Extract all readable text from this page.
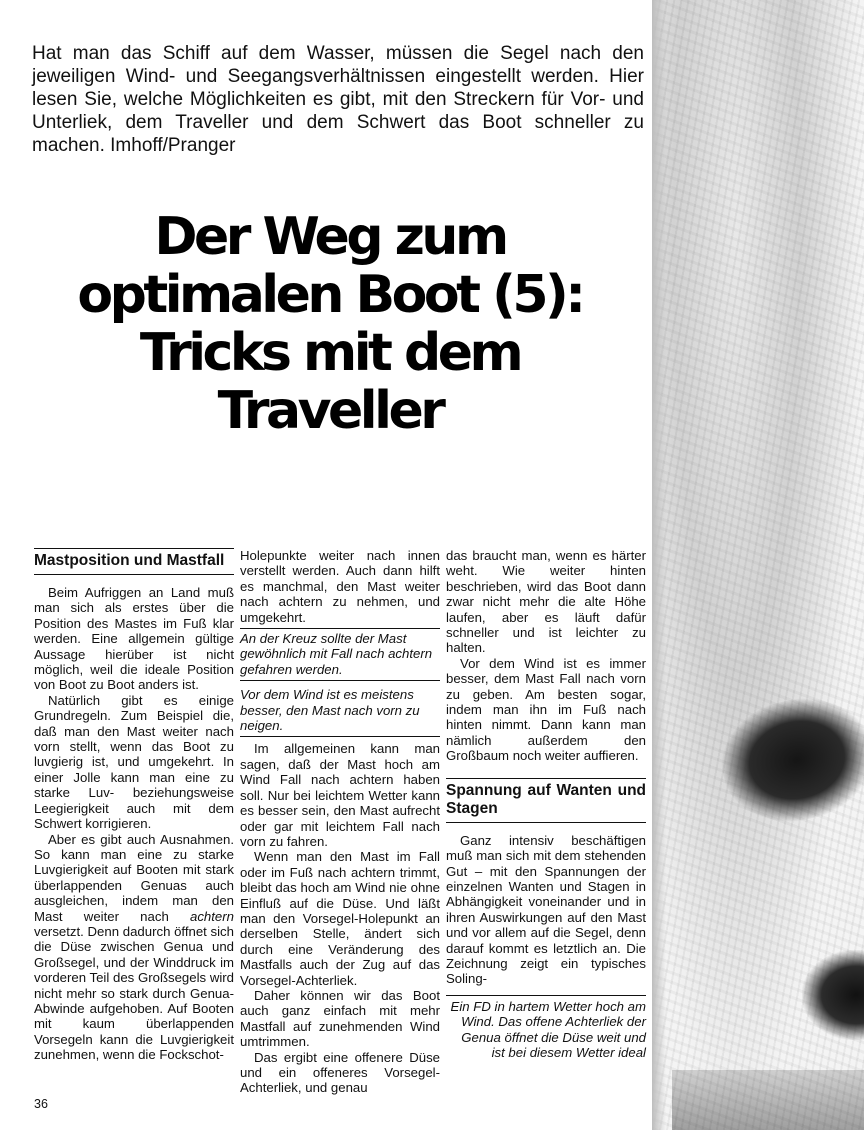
Hat man das Schiff auf dem Wasser, müssen die Segel nach den jeweiligen Wind- und Seegangsverhältnissen eingestellt werden. Hier lesen Sie, welche Möglichkeiten es gibt, mit den Streckern für Vor- und Unterliek, dem Traveller und dem Schwert das Boot schneller zu machen. Imhoff/Pranger

Der Weg zum
optimalen Boot (5):
Tricks mit dem
Traveller
Mastposition und Mastfall

Beim Aufriggen an Land muß man sich als erstes über die Position des Mastes im Fuß klar werden. Eine allgemein gültige Aussage hierüber ist nicht möglich, weil die ideale Position von Boot zu Boot anders ist.

Natürlich gibt es einige Grundregeln. Zum Beispiel die, daß man den Mast weiter nach vorn stellt, wenn das Boot zu luvgierig ist, und umgekehrt. In einer Jolle kann man eine zu starke Luv- beziehungsweise Leegierigkeit auch mit dem Schwert korrigieren.

Aber es gibt auch Ausnahmen. So kann man eine zu starke Luvgierigkeit auf Booten mit stark überlappenden Genuas auch ausgleichen, indem man den Mast weiter nach achtern versetzt. Denn dadurch öffnet sich die Düse zwischen Genua und Großsegel, und der Winddruck im vorderen Teil des Großsegels wird nicht mehr so stark durch Genua-Abwinde aufgehoben. Auf Booten mit kaum überlappenden Vorsegeln kann die Luvgierigkeit zunehmen, wenn die Fockschot-

Holepunkte weiter nach innen verstellt werden. Auch dann hilft es manchmal, den Mast weiter nach achtern zu nehmen, und umgekehrt.

An der Kreuz sollte der Mast gewöhnlich mit Fall nach achtern gefahren werden.
Vor dem Wind ist es meistens besser, den Mast nach vorn zu neigen.

Im allgemeinen kann man sagen, daß der Mast hoch am Wind Fall nach achtern haben soll. Nur bei leichtem Wetter kann es besser sein, den Mast aufrecht oder gar mit leichtem Fall nach vorn zu fahren.

Wenn man den Mast im Fall oder im Fuß nach achtern trimmt, bleibt das hoch am Wind nie ohne Einfluß auf die Düse. Und läßt man den Vorsegel-Holepunkt an derselben Stelle, ändert sich durch eine Veränderung des Mastfalls auch der Zug auf das Vorsegel-Achterliek.

Daher können wir das Boot auch ganz einfach mit mehr Mastfall auf zunehmenden Wind umtrimmen.

Das ergibt eine offenere Düse und ein offeneres Vorsegel-Achterliek, und genau

das braucht man, wenn es härter weht. Wie weiter hinten beschrieben, wird das Boot dann zwar nicht mehr die alte Höhe laufen, aber es läuft dafür schneller und ist leichter zu halten.

Vor dem Wind ist es immer besser, dem Mast Fall nach vorn zu geben. Am besten sogar, indem man ihn im Fuß nach hinten nimmt. Dann kann man nämlich außerdem den Großbaum noch weiter auffieren.

Spannung auf Wanten und Stagen

Ganz intensiv beschäftigen muß man sich mit dem stehenden Gut – mit den Spannungen der einzelnen Wanten und Stagen in Abhängigkeit voneinander und in ihren Auswirkungen auf den Mast und vor allem auf die Segel, denn darauf kommt es letztlich an. Die Zeichnung zeigt ein typisches Soling-

Ein FD in hartem Wetter hoch am Wind. Das offene Achterliek der Genua öffnet die Düse weit und ist bei diesem Wetter ideal
36
